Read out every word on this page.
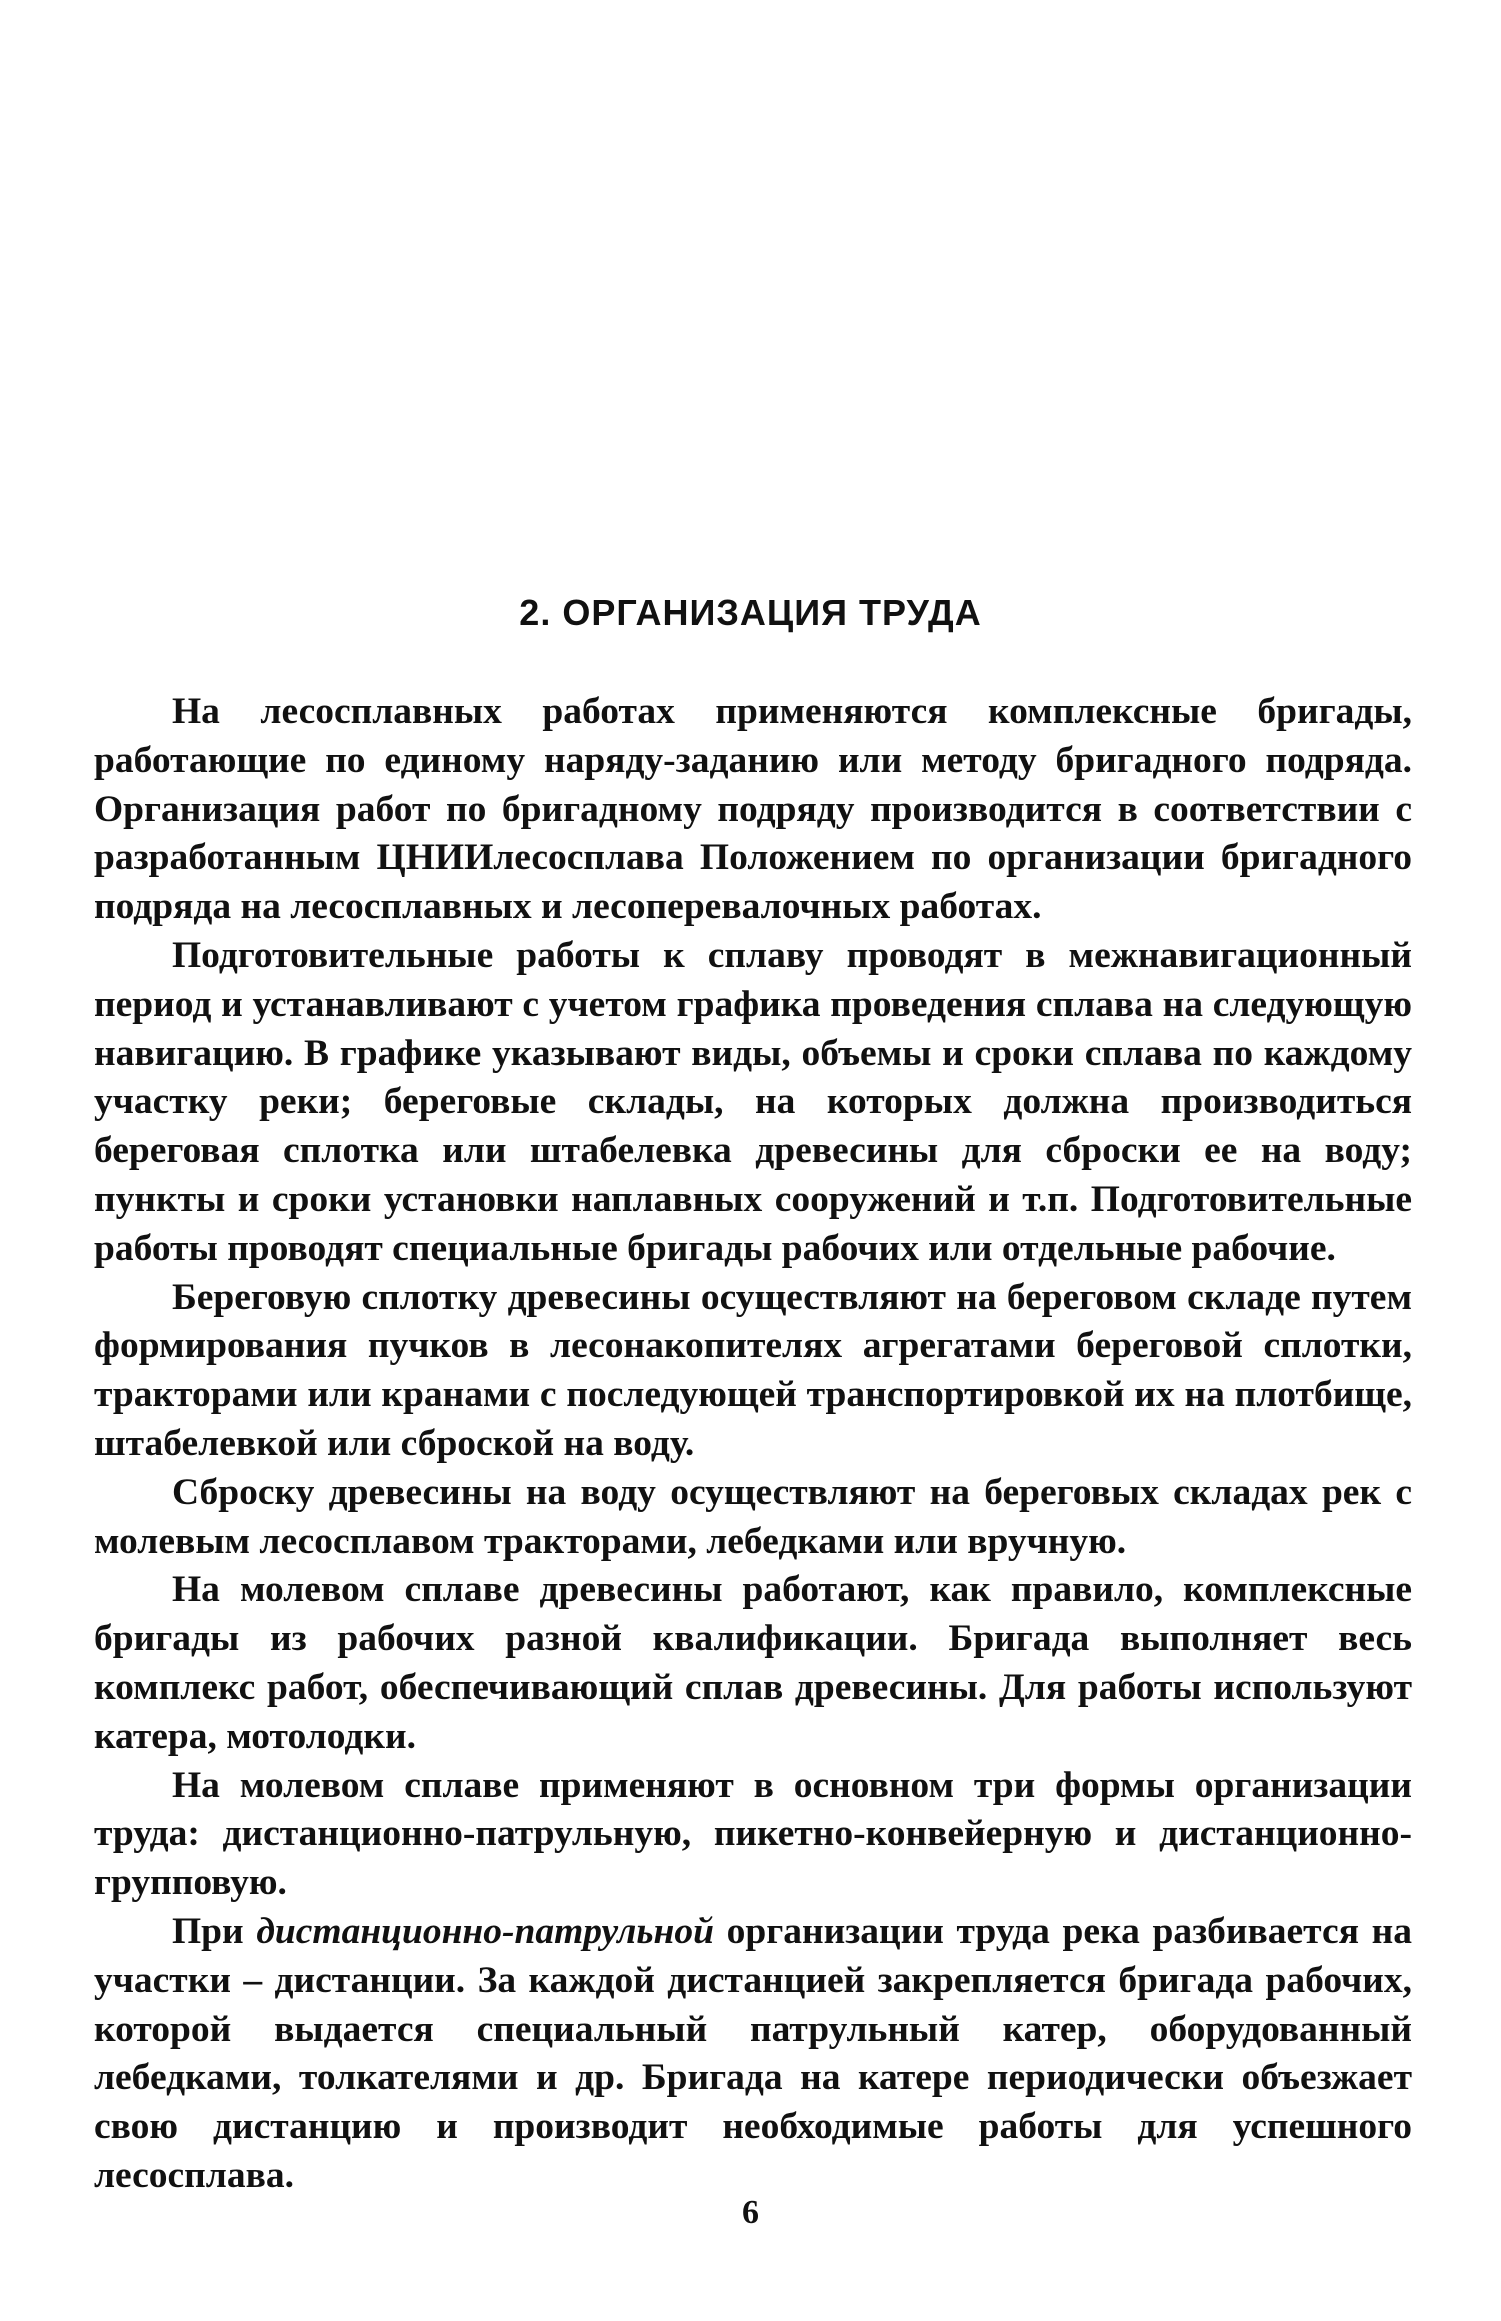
2. ОРГАНИЗАЦИЯ ТРУДА

На лесосплавных работах применяются комплексные бригады, работающие по единому наряду-заданию или методу бригадного подряда. Организация работ по бригадному подряду производится в соответствии с разработанным ЦНИИлесосплава Положением по организации бригадного подряда на лесосплавных и лесоперевалочных работах.

Подготовительные работы к сплаву проводят в межнавигационный период и устанавливают с учетом графика проведения сплава на следующую навигацию. В графике указывают виды, объемы и сроки сплава по каждому участку реки; береговые склады, на которых должна производиться береговая сплотка или штабелевка древесины для сброски ее на воду; пункты и сроки установки наплавных сооружений и т.п. Подготовительные работы проводят специальные бригады рабочих или отдельные рабочие.

Береговую сплотку древесины осуществляют на береговом складе путем формирования пучков в лесонакопителях агрегатами береговой сплотки, тракторами или кранами с последующей транспортировкой их на плотбище, штабелевкой или сброской на воду.

Сброску древесины на воду осуществляют на береговых складах рек с молевым лесосплавом тракторами, лебедками или вручную.

На молевом сплаве древесины работают, как правило, комплексные бригады из рабочих разной квалификации. Бригада выполняет весь комплекс работ, обеспечивающий сплав древесины. Для работы используют катера, мотолодки.

На молевом сплаве применяют в основном три формы организации труда: дистанционно-патрульную, пикетно-конвейерную и дистанционно-групповую.

При дистанционно-патрульной организации труда река разбивается на участки – дистанции. За каждой дистанцией закрепляется бригада рабочих, которой выдается специальный патрульный катер, оборудованный лебедками, толкателями и др. Бригада на катере периодически объезжает свою дистанцию и производит необходимые работы для успешного лесосплава.

6
